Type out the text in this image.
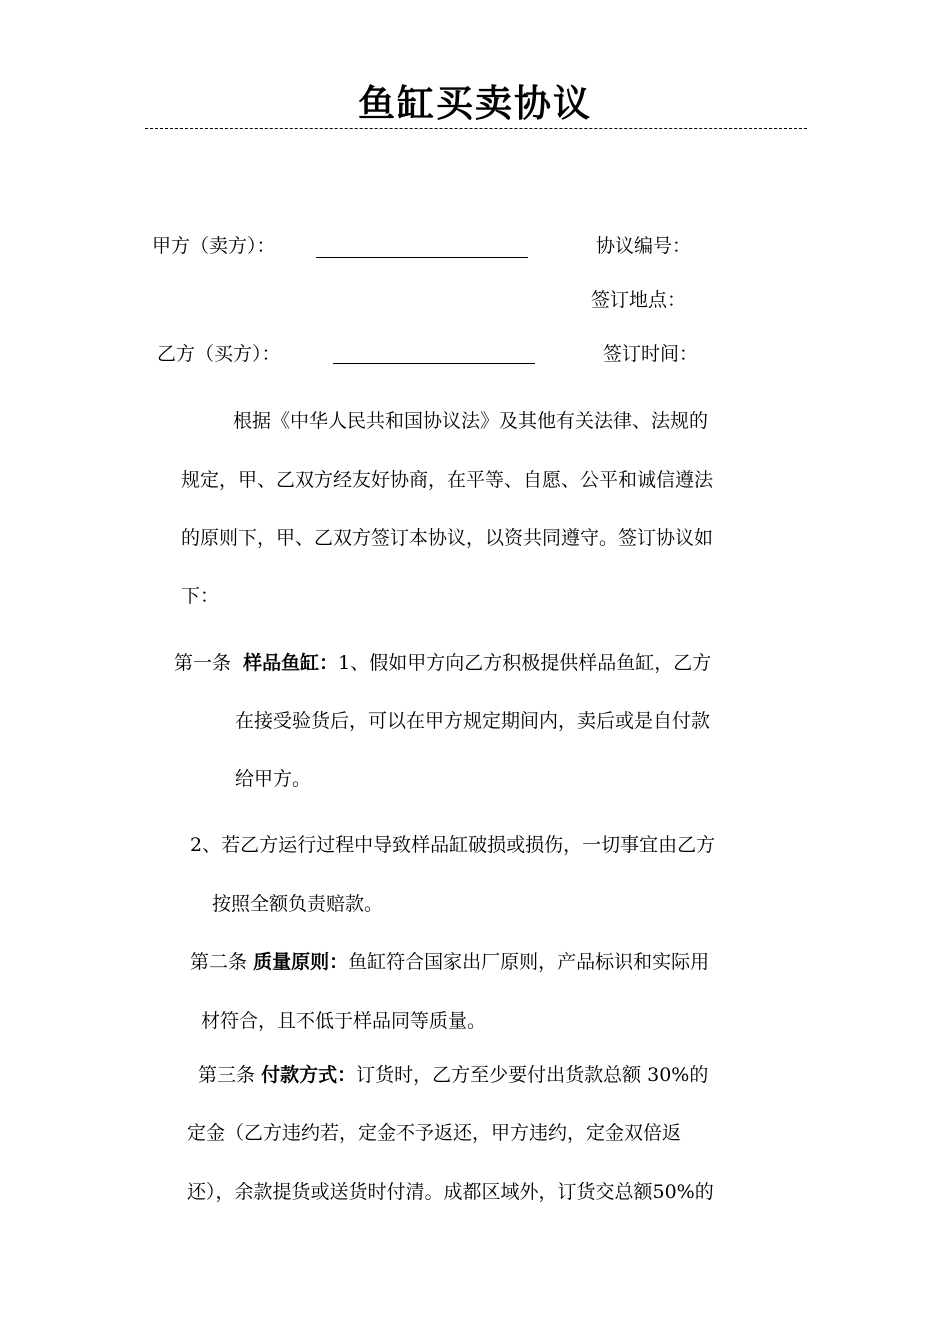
鱼缸买卖协议
甲方（卖方）：	协议编号：
签订地点：
乙方（买方）：	签订时间：
根据《中华人民共和国协议法》及其他有关法律、法规的
规定，甲、乙双方经友好协商，在平等、自愿、公平和诚信遵法
的原则下，甲、乙双方签订本协议，以资共同遵守。签订协议如
下：
第一条 样品鱼缸：1、假如甲方向乙方积极提供样品鱼缸，乙方
在接受验货后，可以在甲方规定期间内，卖后或是自付款
给甲方。
2、若乙方运行过程中导致样品缸破损或损伤，一切事宜由乙方
按照全额负责赔款。
第二条 质量原则：鱼缸符合国家出厂原则，产品标识和实际用
材符合，且不低于样品同等质量。
第三条 付款方式：订货时，乙方至少要付出货款总额 30%的
定金（乙方违约若，定金不予返还，甲方违约，定金双倍返
还），余款提货或送货时付清。成都区域外，订货交总额50%的
